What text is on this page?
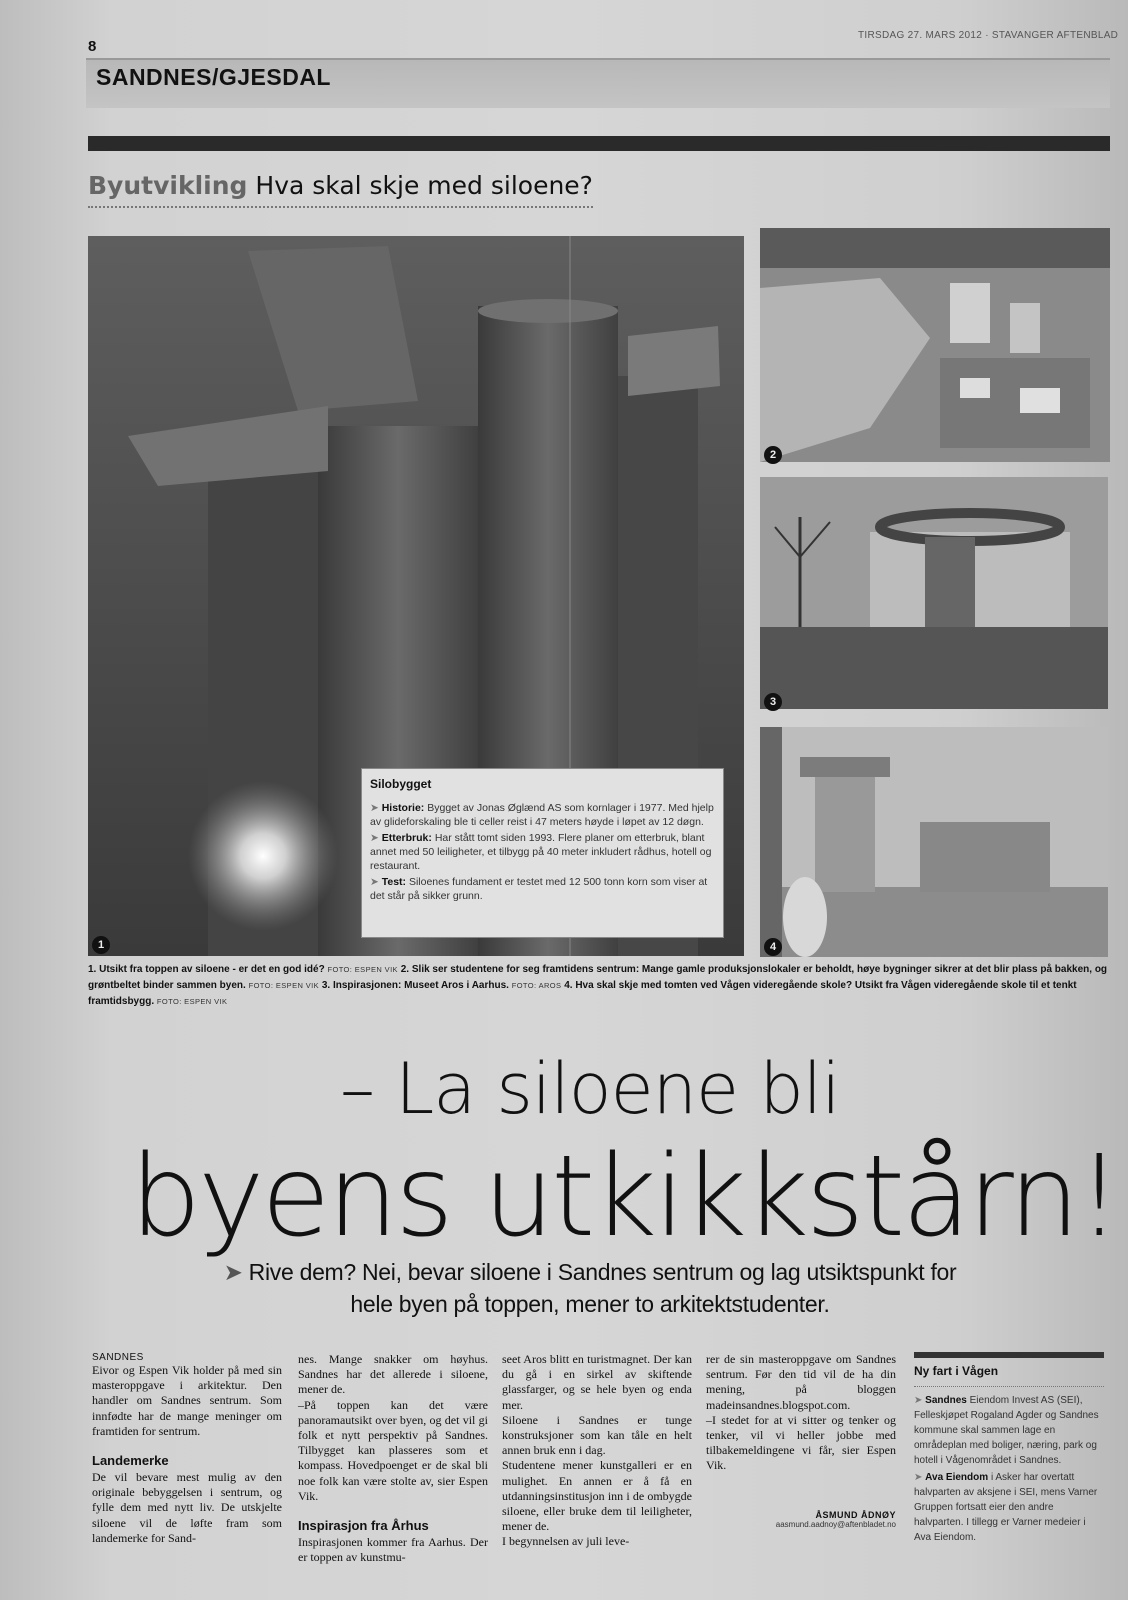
8
TIRSDAG 27. MARS 2012 · STAVANGER AFTENBLAD
SANDNES/GJESDAL
Byutvikling Hva skal skje med siloene?
1
Silobygget
➤ Historie: Bygget av Jonas Øglænd AS som kornlager i 1977. Med hjelp av glideforskaling ble ti celler reist i 47 meters høyde i løpet av 12 døgn.
➤ Etterbruk: Har stått tomt siden 1993. Flere planer om etterbruk, blant annet med 50 leiligheter, et tilbygg på 40 meter inkludert rådhus, hotell og restaurant.
➤ Test: Siloenes fundament er testet med 12 500 tonn korn som viser at det står på sikker grunn.
2
3
4
1. Utsikt fra toppen av siloene - er det en god idé? FOTO: ESPEN VIK 2. Slik ser studentene for seg framtidens sentrum: Mange gamle produksjonslokaler er beholdt, høye bygninger sikrer at det blir plass på bakken, og grøntbeltet binder sammen byen. FOTO: ESPEN VIK 3. Inspirasjonen: Museet Aros i Aarhus. FOTO: AROS 4. Hva skal skje med tomten ved Vågen videregående skole? Utsikt fra Vågen videregående skole til et tenkt framtidsbygg. FOTO: ESPEN VIK
– La siloene bli
byens utkikkstårn!
➤ Rive dem? Nei, bevar siloene i Sandnes sentrum og lag utsiktspunkt for
hele byen på toppen, mener to arkitektstudenter.

SANDNES

Eivor og Espen Vik holder på med sin masteroppgave i arkitektur. Den handler om Sandnes sentrum. Som innfødte har de mange meninger om framtiden for sentrum.

Landemerke

De vil bevare mest mulig av den originale bebyggelsen i sentrum, og fylle dem med nytt liv. De utskjelte siloene vil de løfte fram som landemerke for Sand-

nes. Mange snakker om høyhus. Sandnes har det allerede i siloene, mener de.

–På toppen kan det være panoramautsikt over byen, og det vil gi folk et nytt perspektiv på Sandnes. Tilbygget kan plasseres som et kompass. Hovedpoenget er de skal bli noe folk kan være stolte av, sier Espen Vik.

Inspirasjon fra Århus

Inspirasjonen kommer fra Aarhus. Der er toppen av kunstmu-

seet Aros blitt en turistmagnet. Der kan du gå i en sirkel av skiftende glassfarger, og se hele byen og enda mer.

Siloene i Sandnes er tunge konstruksjoner som kan tåle en helt annen bruk enn i dag.

Studentene mener kunstgalleri er en mulighet. En annen er å få en utdanningsinstitusjon inn i de ombygde siloene, eller bruke dem til leiligheter, mener de.

I begynnelsen av juli leve-

rer de sin masteroppgave om Sandnes sentrum. Før den tid vil de ha din mening, på bloggen madeinsandnes.blogspot.com.

–I stedet for at vi sitter og tenker og tenker, vil vi heller jobbe med tilbakemeldingene vi får, sier Espen Vik.

ÅSMUND ÅDNØY

aasmund.aadnoy@aftenbladet.no

Ny fart i Vågen

➤ Sandnes Eiendom Invest AS (SEI), Felleskjøpet Rogaland Agder og Sandnes kommune skal sammen lage en områdeplan med boliger, næring, park og hotell i Vågenområdet i Sandnes.

➤ Ava Eiendom i Asker har overtatt halvparten av aksjene i SEI, mens Varner Gruppen fortsatt eier den andre halvparten. I tillegg er Varner medeier i Ava Eiendom.
